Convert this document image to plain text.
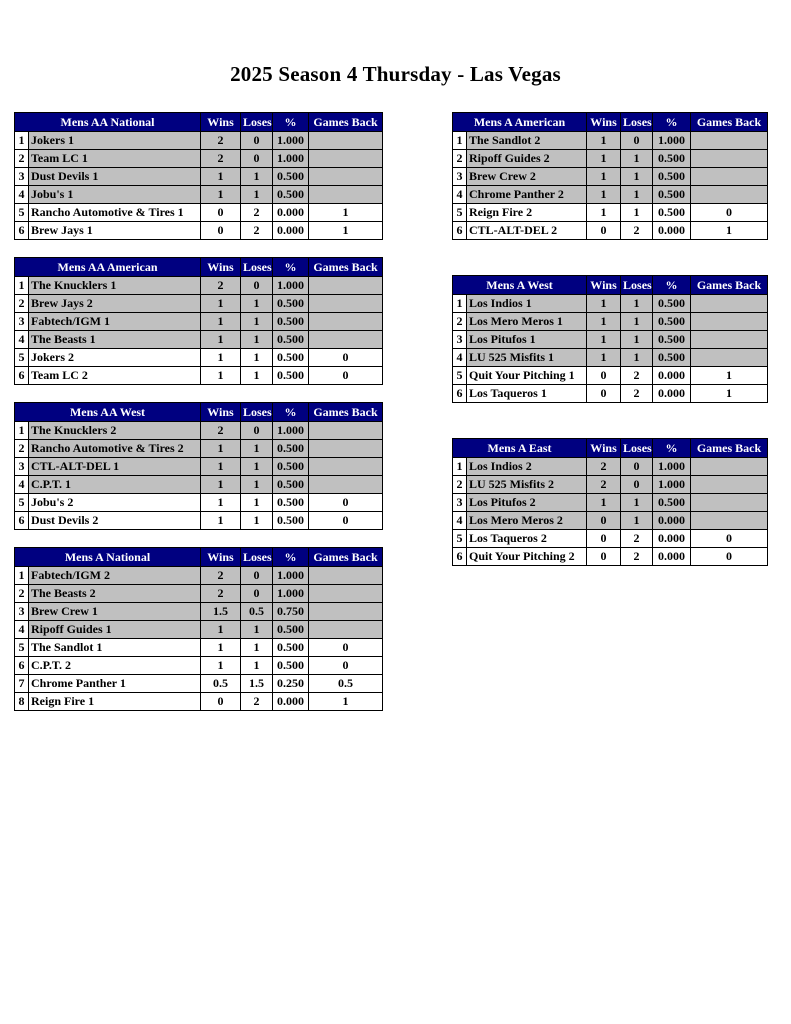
2025 Season 4 Thursday - Las Vegas
Mens AA National		Wins	Loses	%	Games Back
1	Jokers 1	2	0	1.000	
2	Team LC 1	2	0	1.000	
3	Dust Devils 1	1	1	0.500	
4	Jobu's 1	1	1	0.500	
5	Rancho Automotive & Tires 1	0	2	0.000	1
6	Brew Jays 1	0	2	0.000	1
Mens AA American		Wins	Loses	%	Games Back
1	The Knucklers 1	2	0	1.000	
2	Brew Jays 2	1	1	0.500	
3	Fabtech/IGM 1	1	1	0.500	
4	The Beasts 1	1	1	0.500	
5	Jokers 2	1	1	0.500	0
6	Team LC 2	1	1	0.500	0
Mens AA West		Wins	Loses	%	Games Back
1	The Knucklers 2	2	0	1.000	
2	Rancho Automotive & Tires 2	1	1	0.500	
3	CTL-ALT-DEL 1	1	1	0.500	
4	C.P.T. 1	1	1	0.500	
5	Jobu's 2	1	1	0.500	0
6	Dust Devils 2	1	1	0.500	0
Mens A National		Wins	Loses	%	Games Back
1	Fabtech/IGM 2	2	0	1.000	
2	The Beasts 2	2	0	1.000	
3	Brew Crew 1	1.5	0.5	0.750	
4	Ripoff Guides 1	1	1	0.500	
5	The Sandlot 1	1	1	0.500	0
6	C.P.T. 2	1	1	0.500	0
7	Chrome Panther 1	0.5	1.5	0.250	0.5
8	Reign Fire 1	0	2	0.000	1
Mens A American		Wins	Loses	%	Games Back
1	The Sandlot 2	1	0	1.000	
2	Ripoff Guides 2	1	1	0.500	
3	Brew Crew 2	1	1	0.500	
4	Chrome Panther 2	1	1	0.500	
5	Reign Fire 2	1	1	0.500	0
6	CTL-ALT-DEL 2	0	2	0.000	1
Mens A West		Wins	Loses	%	Games Back
1	Los Indios 1	1	1	0.500	
2	Los Mero Meros 1	1	1	0.500	
3	Los Pitufos 1	1	1	0.500	
4	LU 525 Misfits 1	1	1	0.500	
5	Quit Your Pitching 1	0	2	0.000	1
6	Los Taqueros 1	0	2	0.000	1
Mens A East		Wins	Loses	%	Games Back
1	Los Indios 2	2	0	1.000	
2	LU 525 Misfits 2	2	0	1.000	
3	Los Pitufos 2	1	1	0.500	
4	Los Mero Meros 2	0	1	0.000	
5	Los Taqueros 2	0	2	0.000	0
6	Quit Your Pitching 2	0	2	0.000	0
